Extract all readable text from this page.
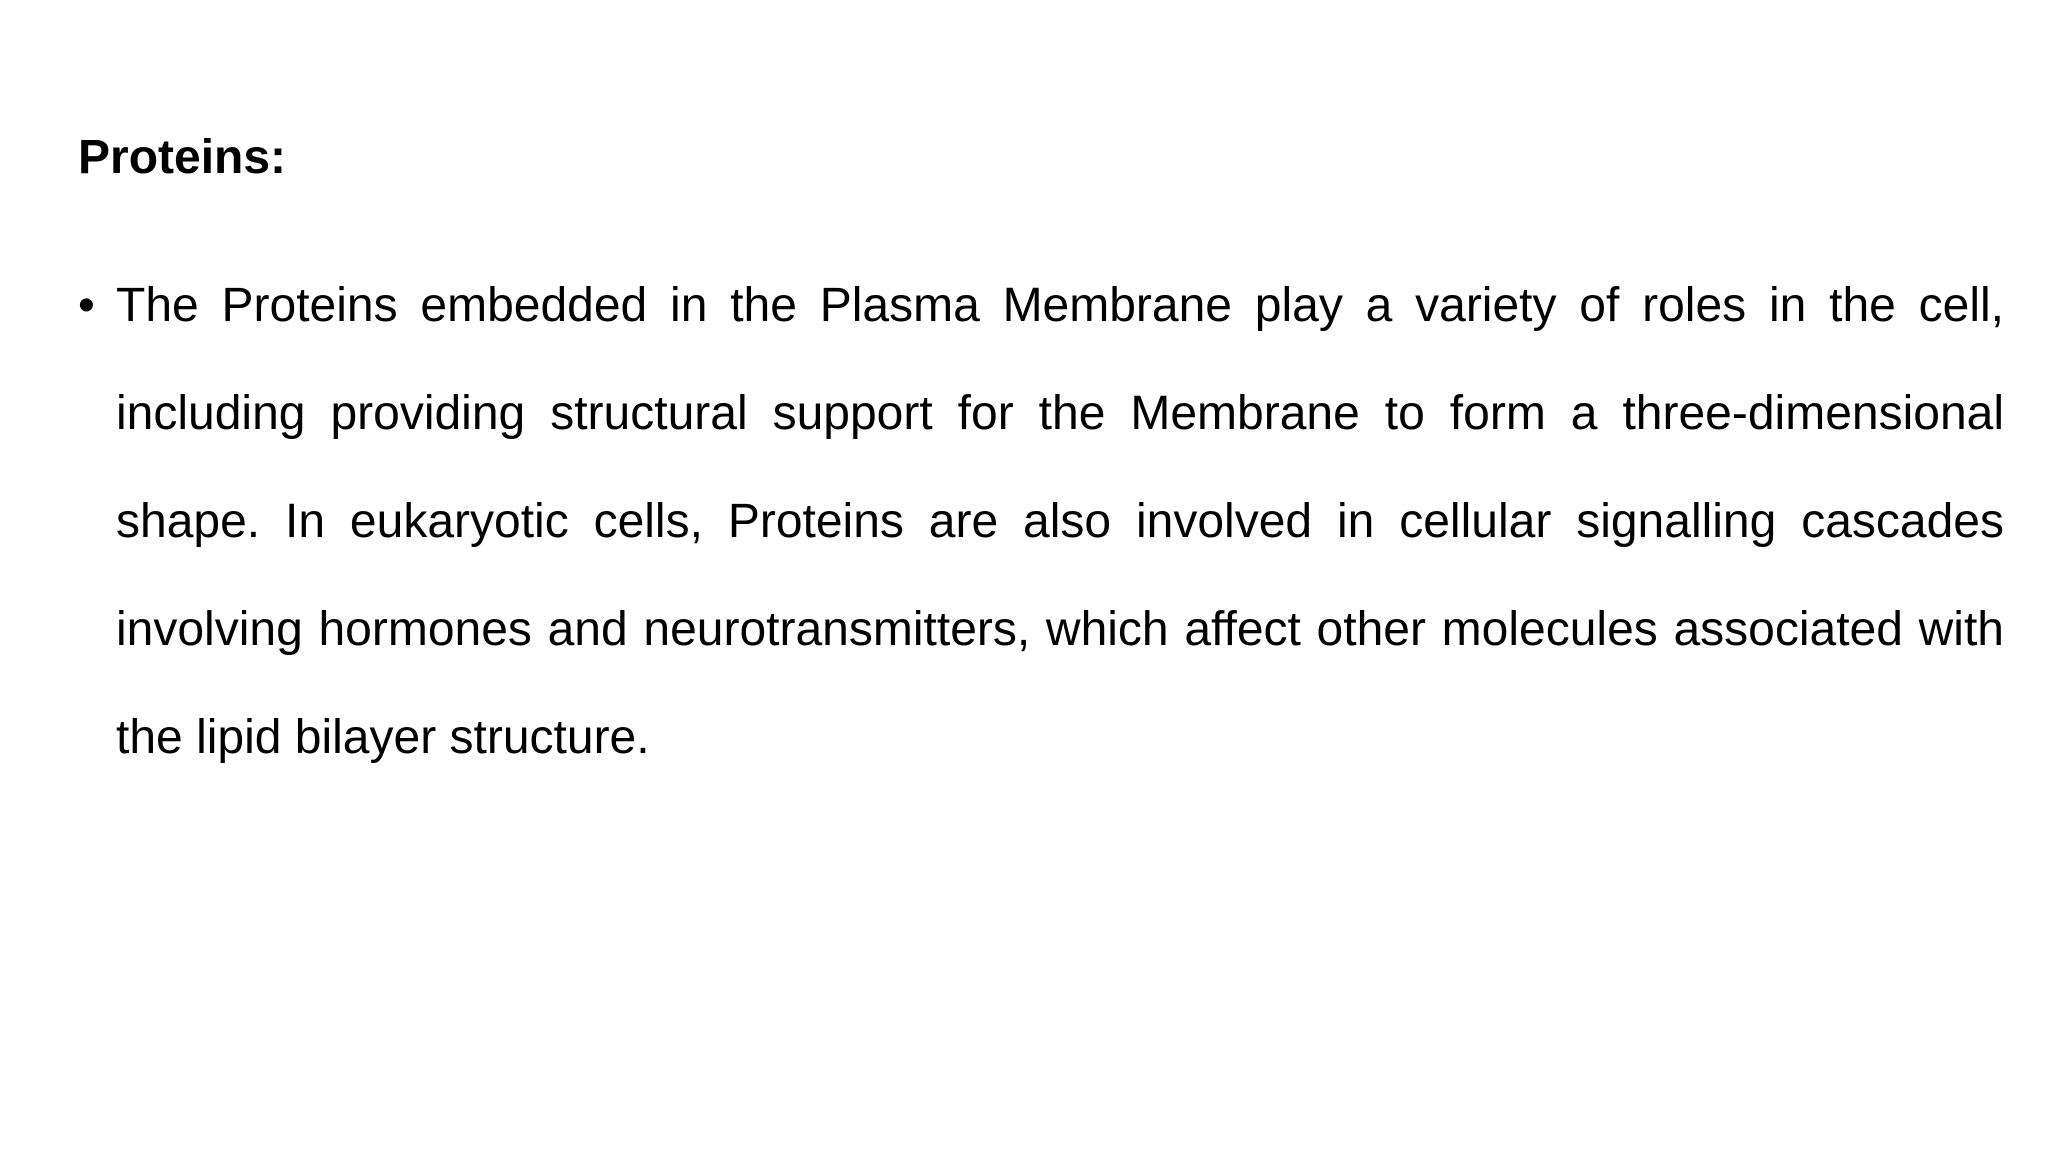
Proteins:
• The Proteins embedded in the Plasma Membrane play a variety of roles in the cell, including providing structural support for the Membrane to form a three-dimensional shape. In eukaryotic cells, Proteins are also involved in cellular signalling cascades involving hormones and neurotransmitters, which affect other molecules associated with the lipid bilayer structure.
